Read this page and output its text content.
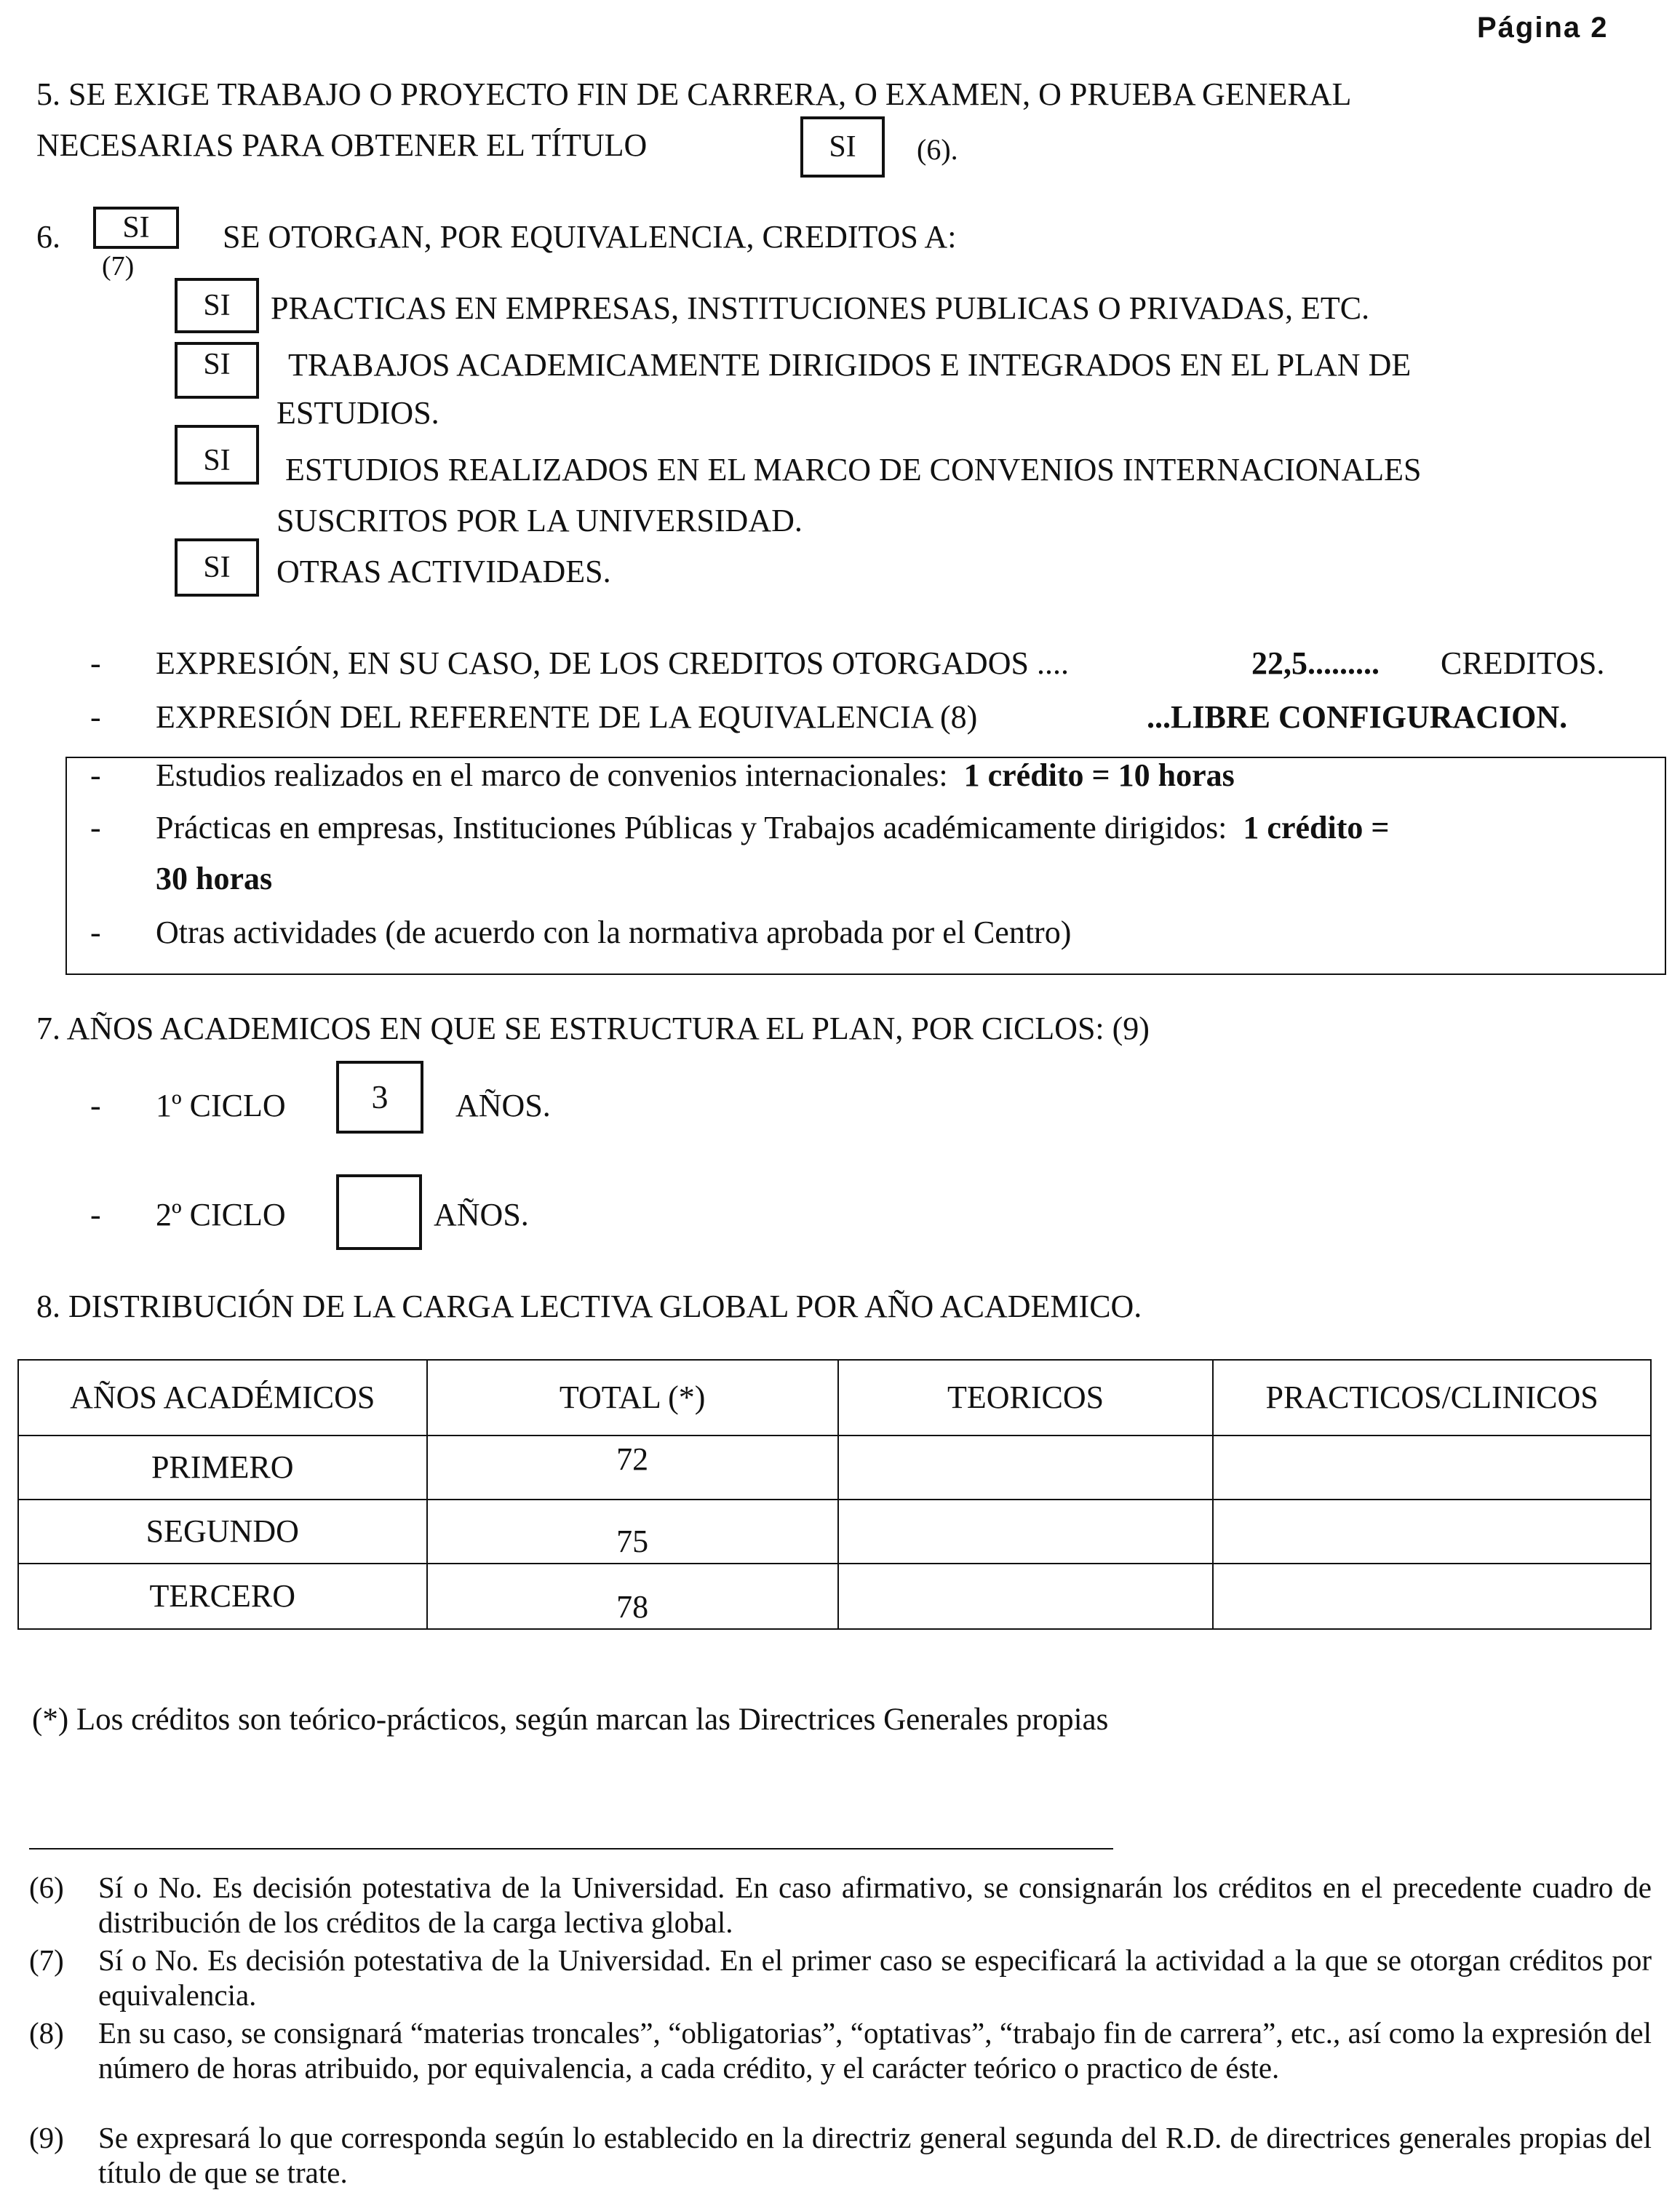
Página 2
5. SE EXIGE TRABAJO O PROYECTO FIN DE CARRERA, O EXAMEN, O PRUEBA GENERAL
NECESARIAS PARA OBTENER EL TÍTULO	SI (6).
6. SI
(7)
SE OTORGAN, POR EQUIVALENCIA, CREDITOS A:
SI PRACTICAS EN EMPRESAS, INSTITUCIONES PUBLICAS O PRIVADAS, ETC.
SI TRABAJOS ACADEMICAMENTE DIRIGIDOS E INTEGRADOS EN EL PLAN DE
ESTUDIOS.
SI ESTUDIOS REALIZADOS EN EL MARCO DE CONVENIOS INTERNACIONALES
SUSCRITOS POR LA UNIVERSIDAD.
SI OTRAS ACTIVIDADES.
- EXPRESIÓN, EN SU CASO, DE LOS CREDITOS OTORGADOS ....	22,5......... CREDITOS.
- EXPRESIÓN DEL REFERENTE DE LA EQUIVALENCIA (8)	...LIBRE CONFIGURACION.
- Estudios realizados en el marco de convenios internacionales: 1 crédito = 10 horas
- Prácticas en empresas, Instituciones Públicas y Trabajos académicamente dirigidos: 1 crédito =
30 horas
- Otras actividades (de acuerdo con la normativa aprobada por el Centro)
7. AÑOS ACADEMICOS EN QUE SE ESTRUCTURA EL PLAN, POR CICLOS: (9)
- 1º CICLO	3 AÑOS.
- 2º CICLO	AÑOS.
8. DISTRIBUCIÓN DE LA CARGA LECTIVA GLOBAL POR AÑO ACADEMICO.
AÑOS ACADÉMICOS	TOTAL (*)	TEORICOS	PRACTICOS/CLINICOS
PRIMERO	72		
SEGUNDO	75		
TERCERO	78		
(*) Los créditos son teórico-prácticos, según marcan las Directrices Generales propias
(6) Sí o No. Es decisión potestativa de la Universidad. En caso afirmativo, se consignarán los créditos en el precedente cuadro de distribución de los créditos de la carga lectiva global.
(7) Sí o No. Es decisión potestativa de la Universidad. En el primer caso se especificará la actividad a la que se otorgan créditos por equivalencia.
(8) En su caso, se consignará “materias troncales”, “obligatorias”, “optativas”, “trabajo fin de carrera”, etc., así como la expresión del número de horas atribuido, por equivalencia, a cada crédito, y el carácter teórico o practico de éste.
(9) Se expresará lo que corresponda según lo establecido en la directriz general segunda del R.D. de directrices generales propias del título de que se trate.
